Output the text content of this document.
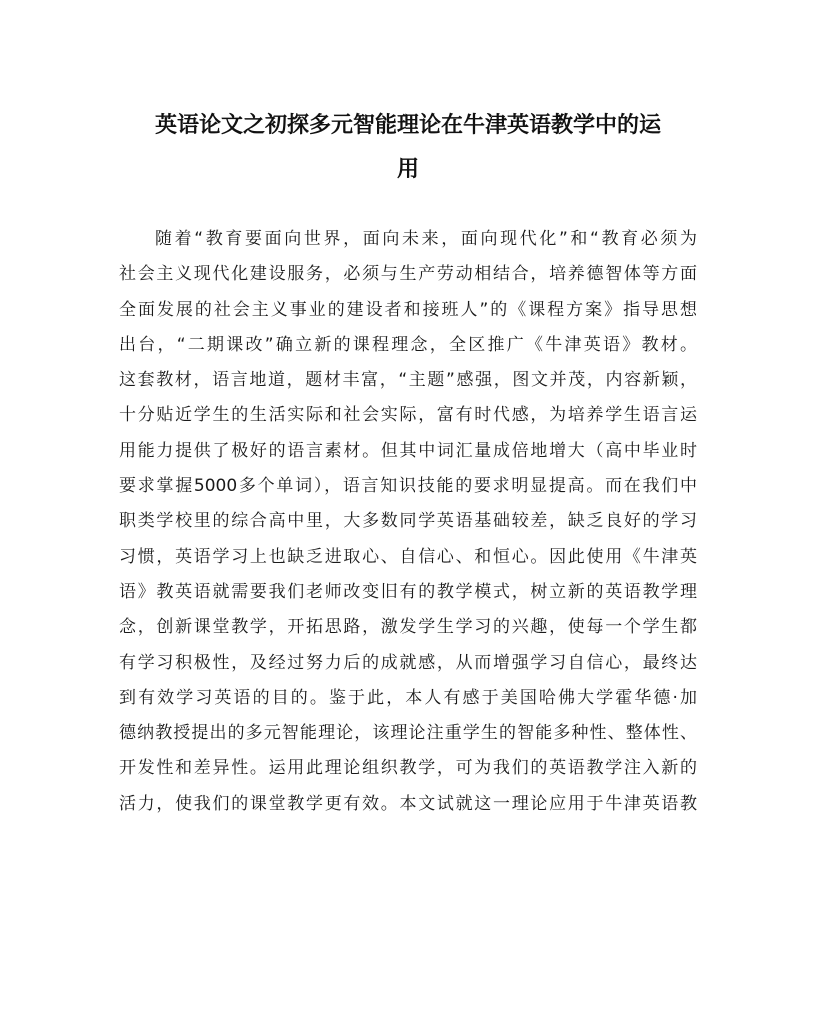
英语论文之初探多元智能理论在牛津英语教学中的运
用
随着“教育要面向世界，面向未来，面向现代化”和“教育必须为
社会主义现代化建设服务，必须与生产劳动相结合，培养德智体等方面
全面发展的社会主义事业的建设者和接班人”的《课程方案》指导思想
出台，“二期课改”确立新的课程理念，全区推广《牛津英语》教材。
这套教材，语言地道，题材丰富，“主题”感强，图文并茂，内容新颖，
十分贴近学生的生活实际和社会实际，富有时代感，为培养学生语言运
用能力提供了极好的语言素材。但其中词汇量成倍地增大（高中毕业时
要求掌握5000多个单词），语言知识技能的要求明显提高。而在我们中
职类学校里的综合高中里，大多数同学英语基础较差，缺乏良好的学习
习惯，英语学习上也缺乏进取心、自信心、和恒心。因此使用《牛津英
语》教英语就需要我们老师改变旧有的教学模式，树立新的英语教学理
念，创新课堂教学，开拓思路，激发学生学习的兴趣，使每一个学生都
有学习积极性，及经过努力后的成就感，从而增强学习自信心，最终达
到有效学习英语的目的。鉴于此，本人有感于美国哈佛大学霍华德·加
德纳教授提出的多元智能理论，该理论注重学生的智能多种性、整体性、
开发性和差异性。运用此理论组织教学，可为我们的英语教学注入新的
活力，使我们的课堂教学更有效。本文试就这一理论应用于牛津英语教
